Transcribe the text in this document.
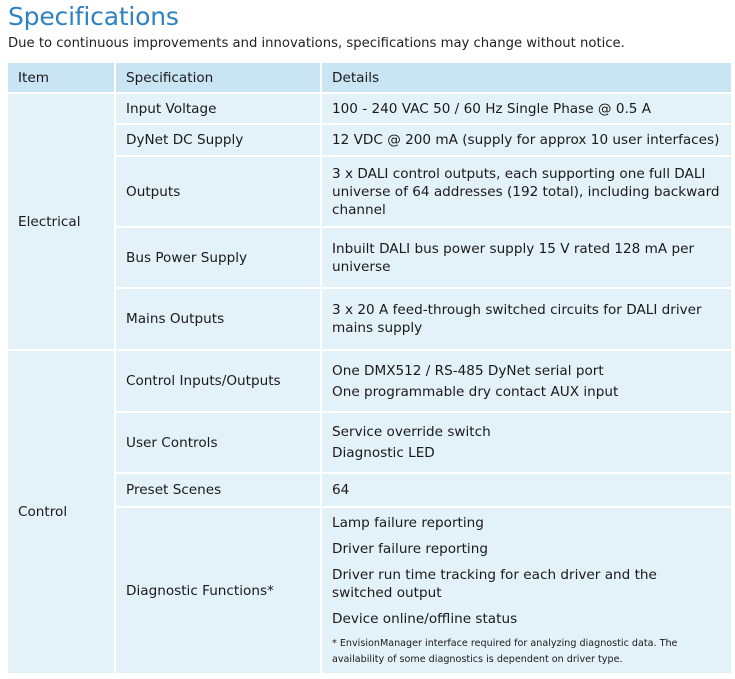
Specifications
Due to continuous improvements and innovations, specifications may change without notice.
Item	Specification	Details
Electrical	Input Voltage	100 - 240 VAC 50 / 60 Hz Single Phase @ 0.5 A

	DyNet DC Supply	12 VDC @ 200 mA (supply for approx 10 user interfaces)

	Outputs	3 x DALI control outputs, each supporting one full DALI universe of 64 addresses (192 total), including backward channel

	Bus Power Supply	Inbuilt DALI bus power supply 15 V rated 128 mA per universe

	Mains Outputs	3 x 20 A feed-through switched circuits for DALI driver mains supply

Control	Control Inputs/Outputs	One DMX512 / RS-485 DyNet serial port
One programmable dry contact AUX input

	User Controls	Service override switch
Diagnostic LED

	Preset Scenes	64

	Diagnostic Functions*	Lamp failure reporting
Driver failure reporting
Driver run time tracking for each driver and the switched output
Device online/offline status
* EnvisionManager interface required for analyzing diagnostic data. The availability of some diagnostics is dependent on driver type.
